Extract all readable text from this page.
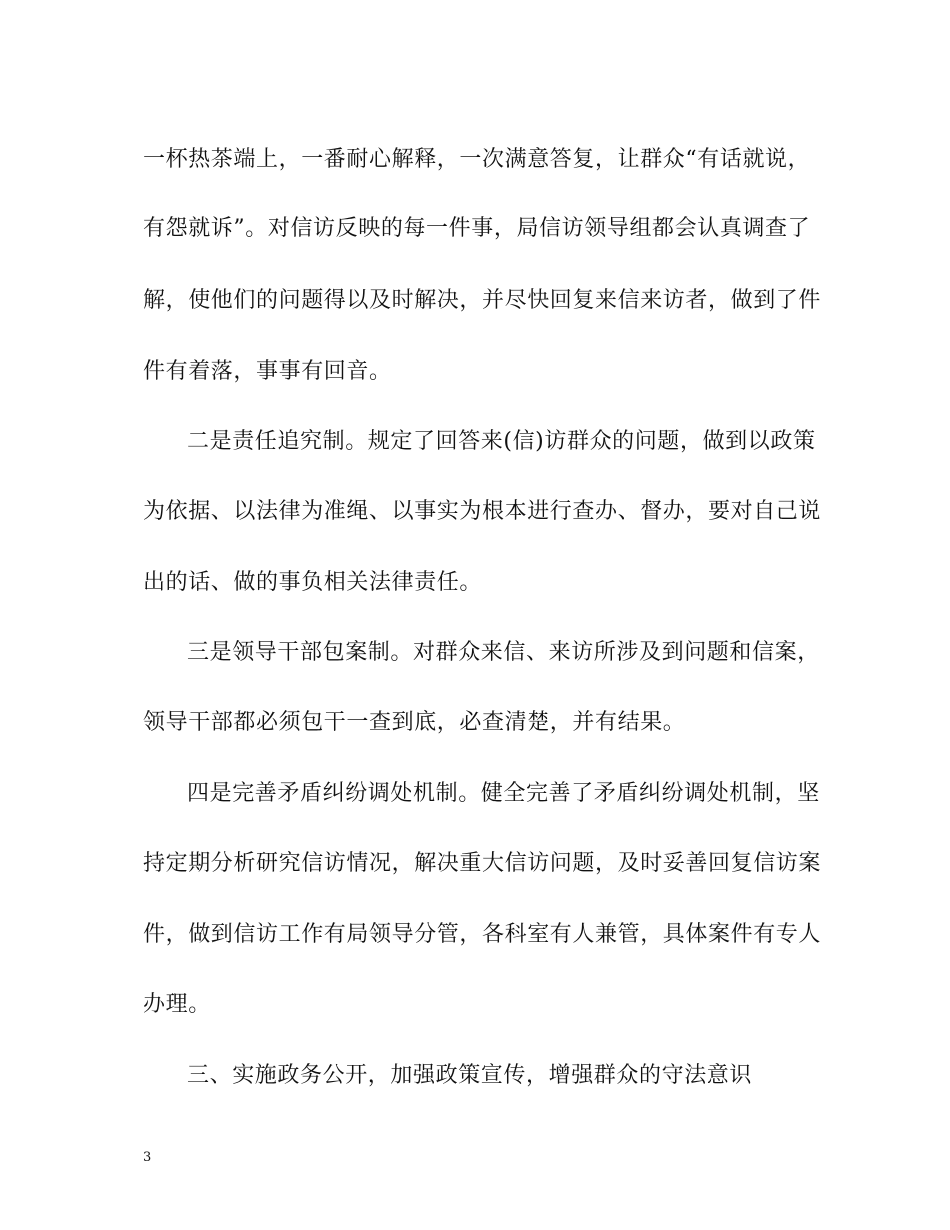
一杯热茶端上，一番耐心解释，一次满意答复，让群众“有话就说，
有怨就诉”。对信访反映的每一件事，局信访领导组都会认真调查了
解，使他们的问题得以及时解决，并尽快回复来信来访者，做到了件
件有着落，事事有回音。
二是责任追究制。规定了回答来(信)访群众的问题，做到以政策
为依据、以法律为准绳、以事实为根本进行查办、督办，要对自己说
出的话、做的事负相关法律责任。
三是领导干部包案制。对群众来信、来访所涉及到问题和信案，
领导干部都必须包干一查到底，必查清楚，并有结果。
四是完善矛盾纠纷调处机制。健全完善了矛盾纠纷调处机制，坚
持定期分析研究信访情况，解决重大信访问题，及时妥善回复信访案
件，做到信访工作有局领导分管，各科室有人兼管，具体案件有专人
办理。
三、实施政务公开，加强政策宣传，增强群众的守法意识
3
